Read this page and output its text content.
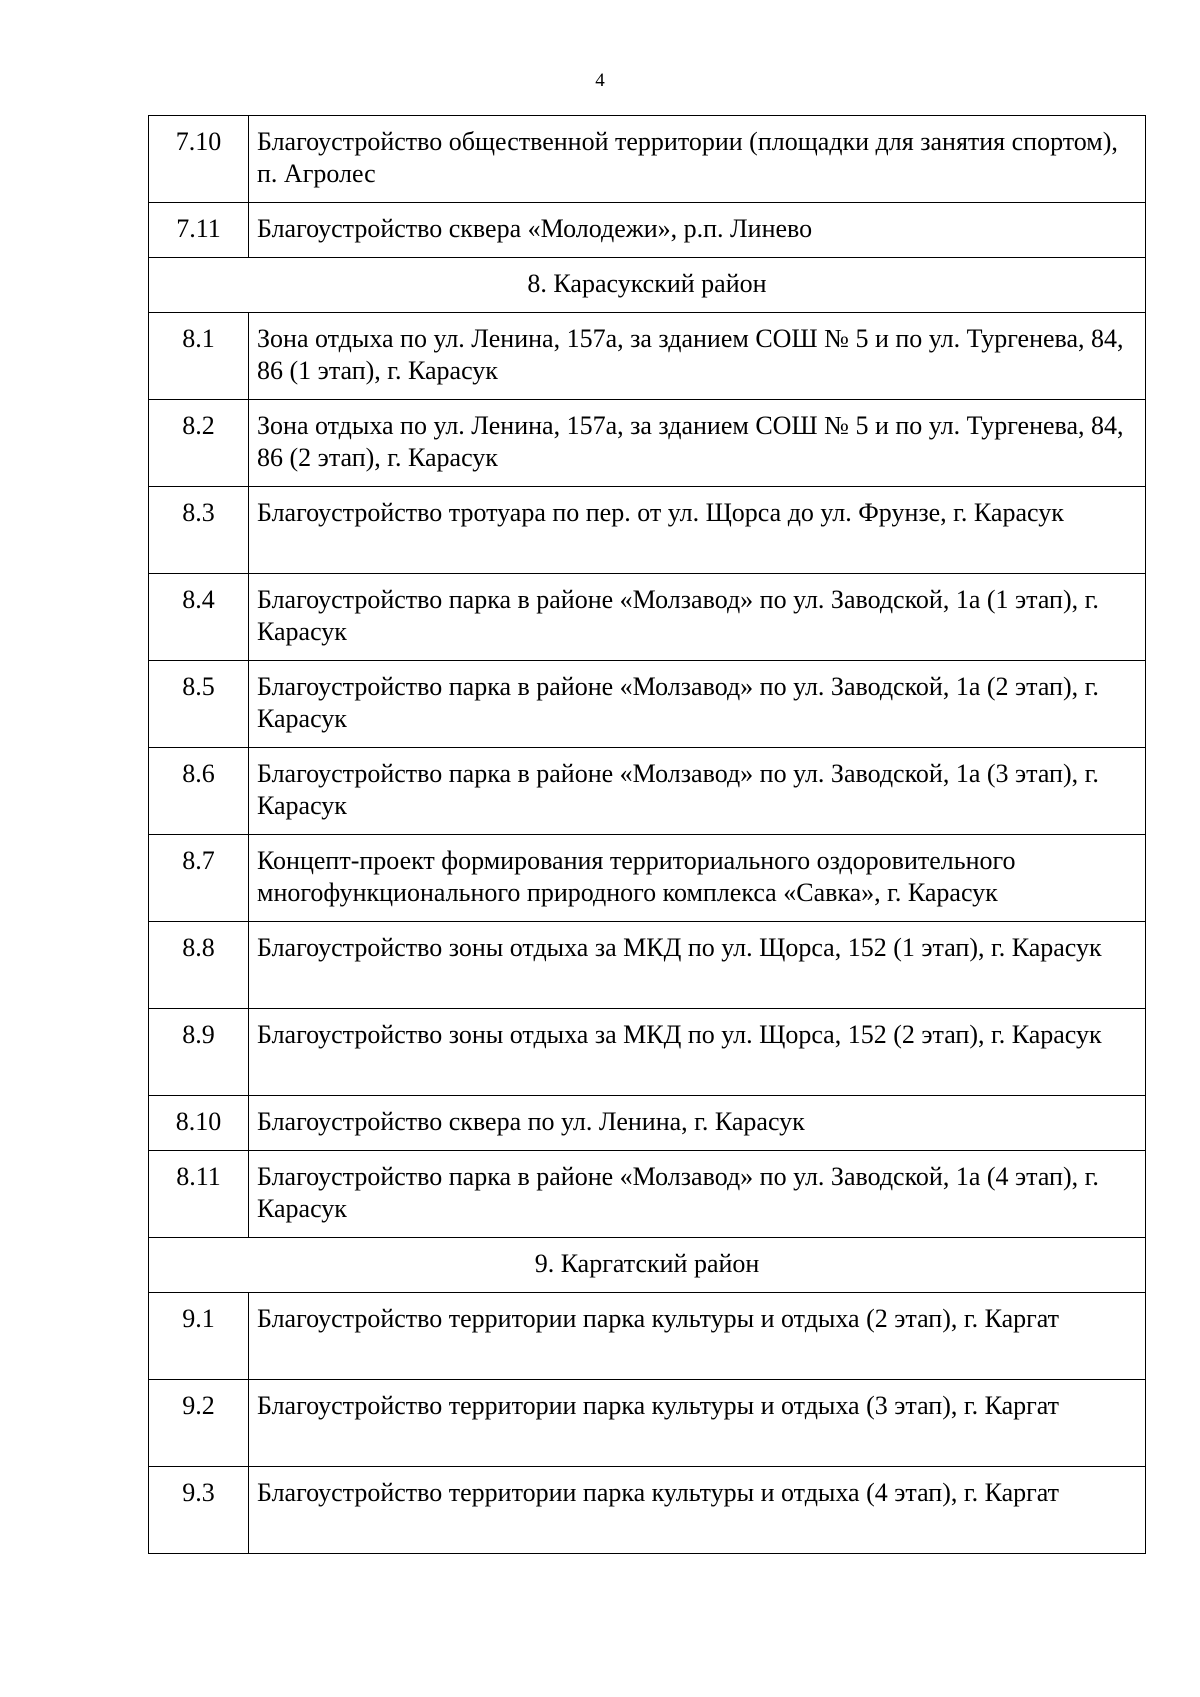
4
7.10	Благоустройство общественной территории (площадки для занятия спортом), п. Агролес
7.11	Благоустройство сквера «Молодежи», р.п. Линево
8. Карасукский район	
8.1	Зона отдыха по ул. Ленина, 157а, за зданием СОШ № 5 и по ул. Тургенева, 84, 86 (1 этап), г. Карасук
8.2	Зона отдыха по ул. Ленина, 157а, за зданием СОШ № 5 и по ул. Тургенева, 84, 86 (2 этап), г. Карасук
8.3	Благоустройство тротуара по пер. от ул. Щорса до ул. Фрунзе, г. Карасук
8.4	Благоустройство парка в районе «Молзавод» по ул. Заводской, 1а (1 этап), г. Карасук
8.5	Благоустройство парка в районе «Молзавод» по ул. Заводской, 1а (2 этап), г. Карасук
8.6	Благоустройство парка в районе «Молзавод» по ул. Заводской, 1а (3 этап), г. Карасук
8.7	Концепт-проект формирования территориального оздоровительного многофункционального природного комплекса «Савка», г. Карасук
8.8	Благоустройство зоны отдыха за МКД по ул. Щорса, 152 (1 этап), г. Карасук
8.9	Благоустройство зоны отдыха за МКД по ул. Щорса, 152 (2 этап), г. Карасук
8.10	Благоустройство сквера по ул. Ленина, г. Карасук
8.11	Благоустройство парка в районе «Молзавод» по ул. Заводской, 1а (4 этап), г. Карасук
9. Каргатский район	
9.1	Благоустройство территории парка культуры и отдыха (2 этап), г. Каргат
9.2	Благоустройство территории парка культуры и отдыха (3 этап), г. Каргат
9.3	Благоустройство территории парка культуры и отдыха (4 этап), г. Каргат
